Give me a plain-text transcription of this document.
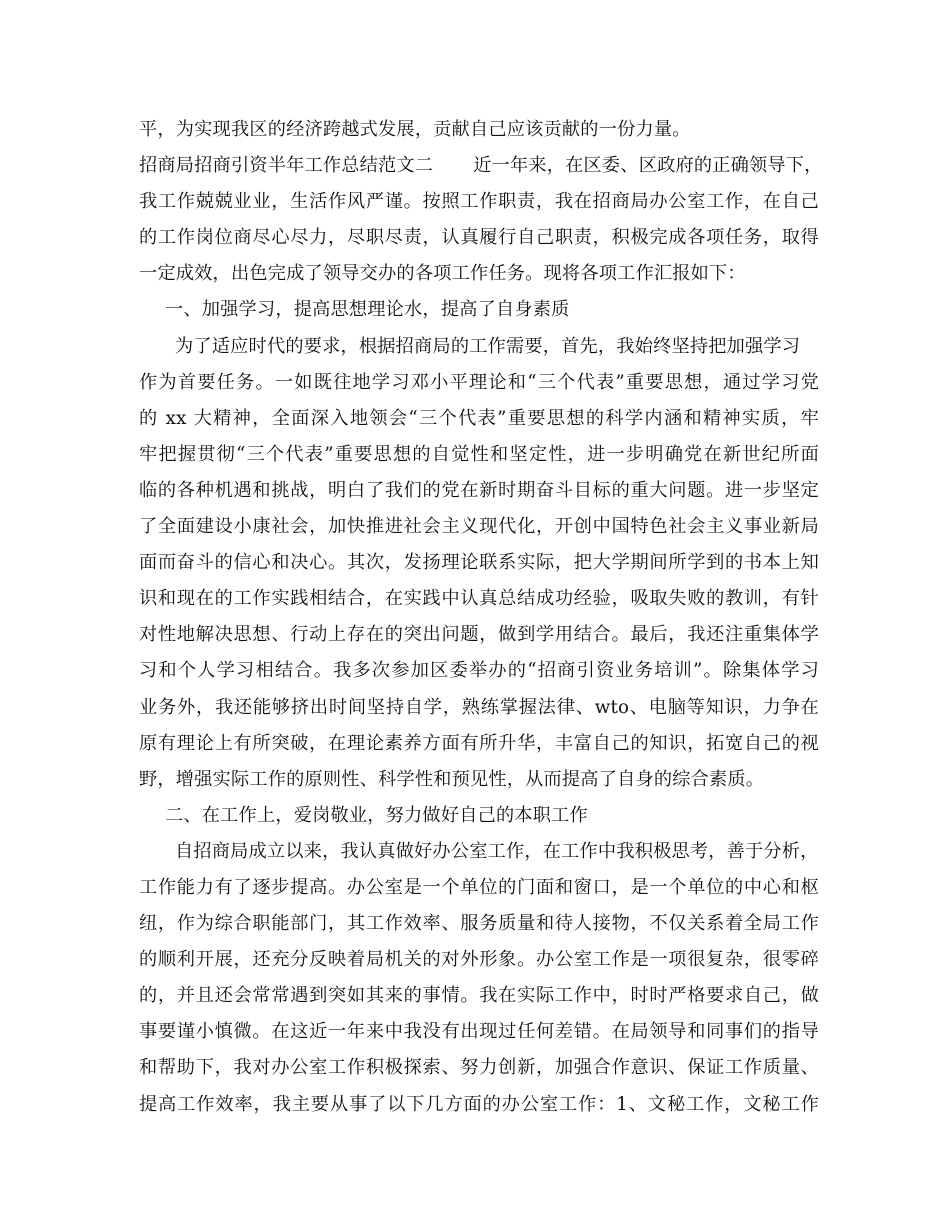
平，为实现我区的经济跨越式发展，贡献自己应该贡献的一份力量。
招商局招商引资半年工作总结范文二 近一年来，在区委、区政府的正确领导下，
我工作兢兢业业，生活作风严谨。按照工作职责，我在招商局办公室工作，在自己
的工作岗位商尽心尽力，尽职尽责，认真履行自己职责，积极完成各项任务，取得
一定成效，出色完成了领导交办的各项工作任务。现将各项工作汇报如下：
一、加强学习，提高思想理论水，提高了自身素质
为了适应时代的要求，根据招商局的工作需要，首先，我始终坚持把加强学习
作为首要任务。一如既往地学习邓小平理论和“三个代表”重要思想，通过学习党
的 xx 大精神，全面深入地领会“三个代表”重要思想的科学内涵和精神实质，牢
牢把握贯彻“三个代表”重要思想的自觉性和坚定性，进一步明确党在新世纪所面
临的各种机遇和挑战，明白了我们的党在新时期奋斗目标的重大问题。进一步坚定
了全面建设小康社会，加快推进社会主义现代化，开创中国特色社会主义事业新局
面而奋斗的信心和决心。其次，发扬理论联系实际，把大学期间所学到的书本上知
识和现在的工作实践相结合，在实践中认真总结成功经验，吸取失败的教训，有针
对性地解决思想、行动上存在的突出问题，做到学用结合。最后，我还注重集体学
习和个人学习相结合。我多次参加区委举办的“招商引资业务培训”。除集体学习
业务外，我还能够挤出时间坚持自学，熟练掌握法律、wto、电脑等知识，力争在
原有理论上有所突破，在理论素养方面有所升华，丰富自己的知识，拓宽自己的视
野，增强实际工作的原则性、科学性和预见性，从而提高了自身的综合素质。
二、在工作上，爱岗敬业，努力做好自己的本职工作
自招商局成立以来，我认真做好办公室工作，在工作中我积极思考，善于分析，
工作能力有了逐步提高。办公室是一个单位的门面和窗口，是一个单位的中心和枢
纽，作为综合职能部门，其工作效率、服务质量和待人接物，不仅关系着全局工作
的顺利开展，还充分反映着局机关的对外形象。办公室工作是一项很复杂，很零碎
的，并且还会常常遇到突如其来的事情。我在实际工作中，时时严格要求自己，做
事要谨小慎微。在这近一年来中我没有出现过任何差错。在局领导和同事们的指导
和帮助下，我对办公室工作积极探索、努力创新，加强合作意识、保证工作质量、
提高工作效率，我主要从事了以下几方面的办公室工作：1、文秘工作，文秘工作
